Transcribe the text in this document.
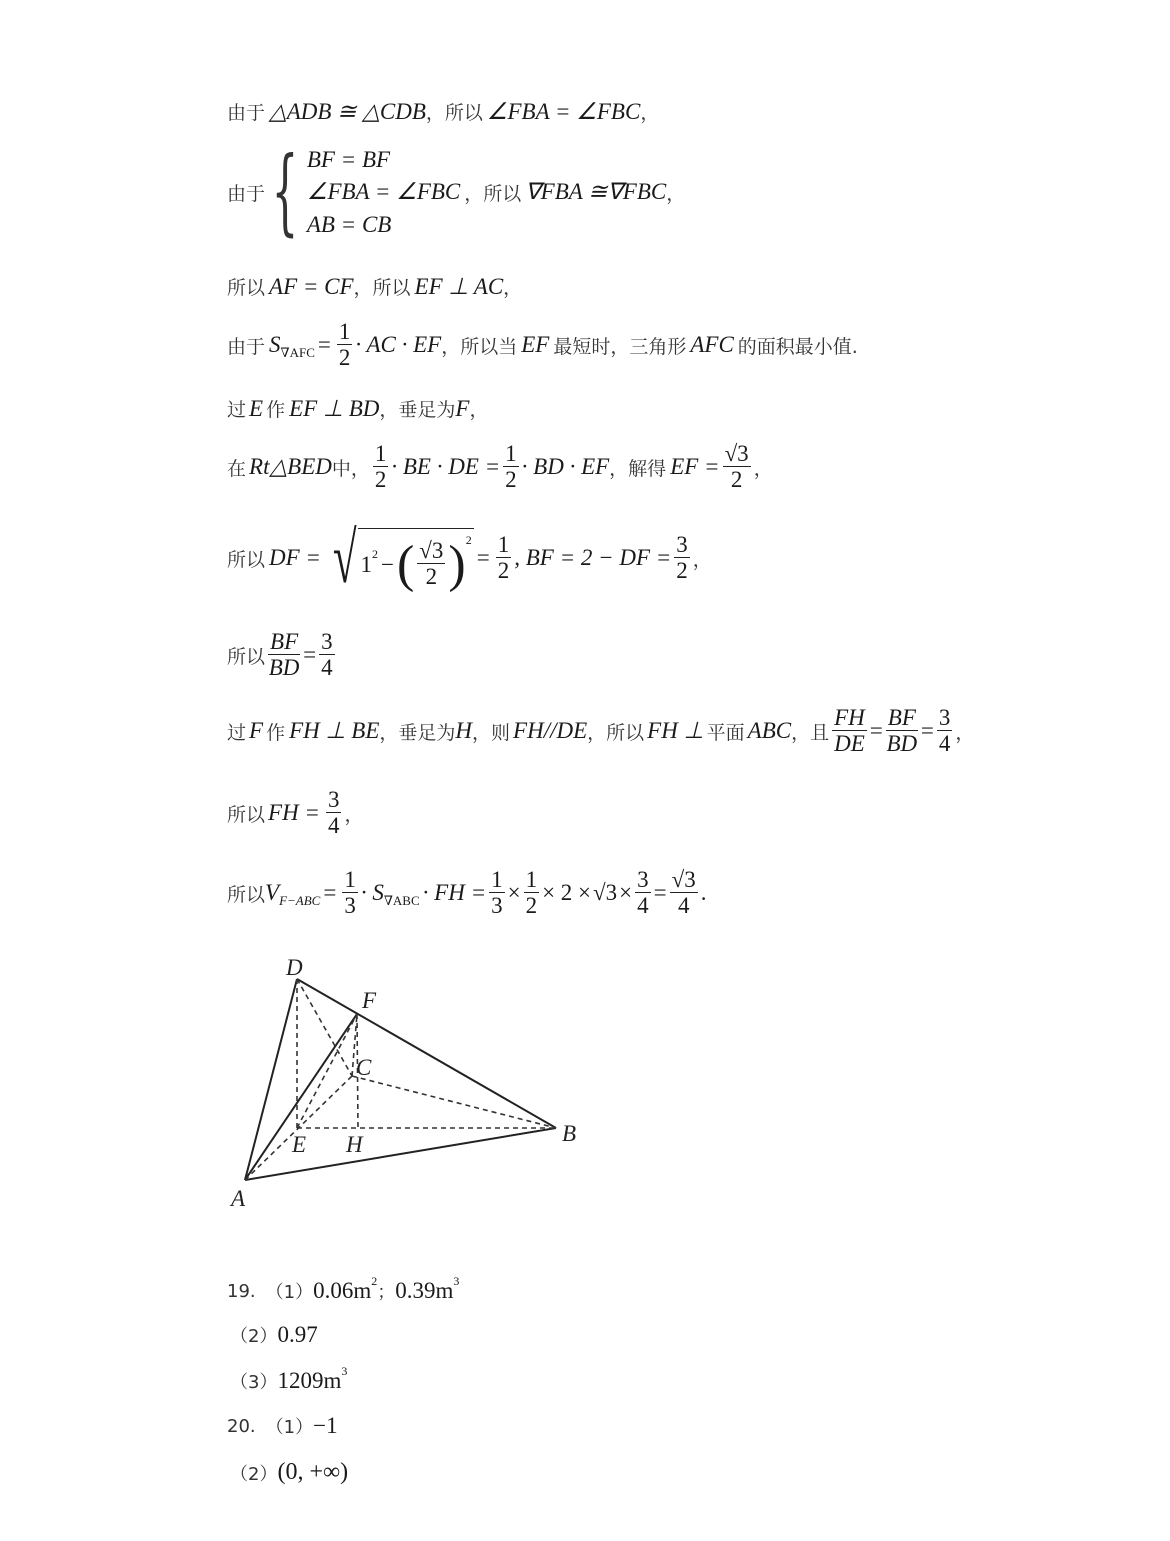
由于 △ADB ≅ △CDB ，所以 ∠FBA = ∠FBC ，
由于 { BF = BF
∠FBA = ∠FBC ，所以 ∇FBA ≅∇FBC ，
AB = CB
所以 AF = CF ，所以 EF ⊥ AC ，
由于 S $\nabla AFC = \frac{1}{2}$ · AC · EF ，所以当 EF 最短时，三角形 AFC 的面积最小值.
过 E 作 EF ⊥ BD ，垂足为 F ，
在 Rt△BED 中， $\frac{1}{2}$ · BE · DE = $\frac{1}{2}$ · BD · EF ，解得 EF = $\frac{√3}{2}$ ，
所以 DF = √ 1 2 − ( $\frac{√3}{2}$ ) 2
= $\frac{1}{2}$ , BF = 2 − DF = $\frac{3}{2}$ ，
所以 $\frac{BF}{BD} = \frac{3}{4}$
过 F 作 FH ⊥ BE ，垂足为 H ，则 FH//DE ，所以 FH ⊥ 平面 ABC ，且 $\frac{FH}{DE} = \frac{BF}{BD} = \frac{3}{4}$ ，
所以 FH = $\frac{3}{4}$ ，
所以 V $F-ABC = \frac{1}{3} \cdot S$ ∇ABC · FH = $\frac{1}{3} \times \frac{1}{2} \times 2 \times √3 \times \frac{3}{4} = \frac{√3}{4}$ .
D
F
C
E H	B
A
19. （1） 0.06m 2
； 0.39m 3
（2） 0.97
（3） 1209m 3
20. （1） −1
（2） (0, +∞)
